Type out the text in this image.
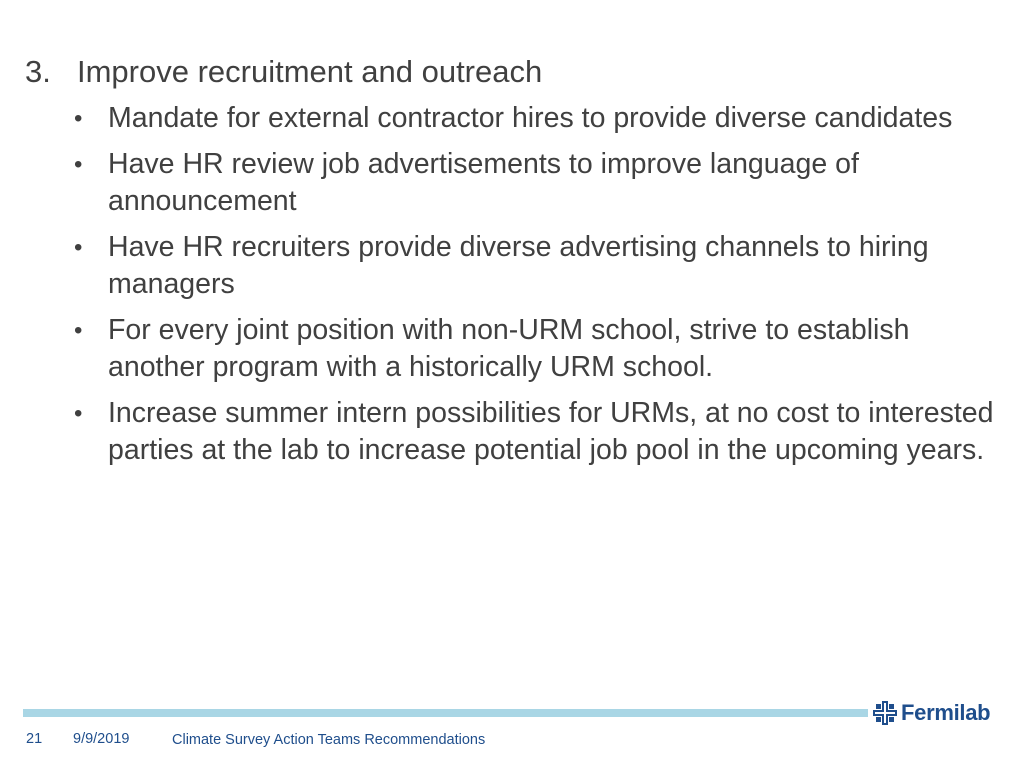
3. Improve recruitment and outreach
• Mandate for external contractor hires to provide diverse candidates
• Have HR review job advertisements to improve language of announcement
• Have HR recruiters provide diverse advertising channels to hiring managers
• For every joint position with non-URM school, strive to establish another program with a historically URM school.
• Increase summer intern possibilities for URMs, at no cost to interested parties at the lab to increase potential job pool in the upcoming years.
Fermilab
21 9/9/2019	Climate Survey Action Teams Recommendations
